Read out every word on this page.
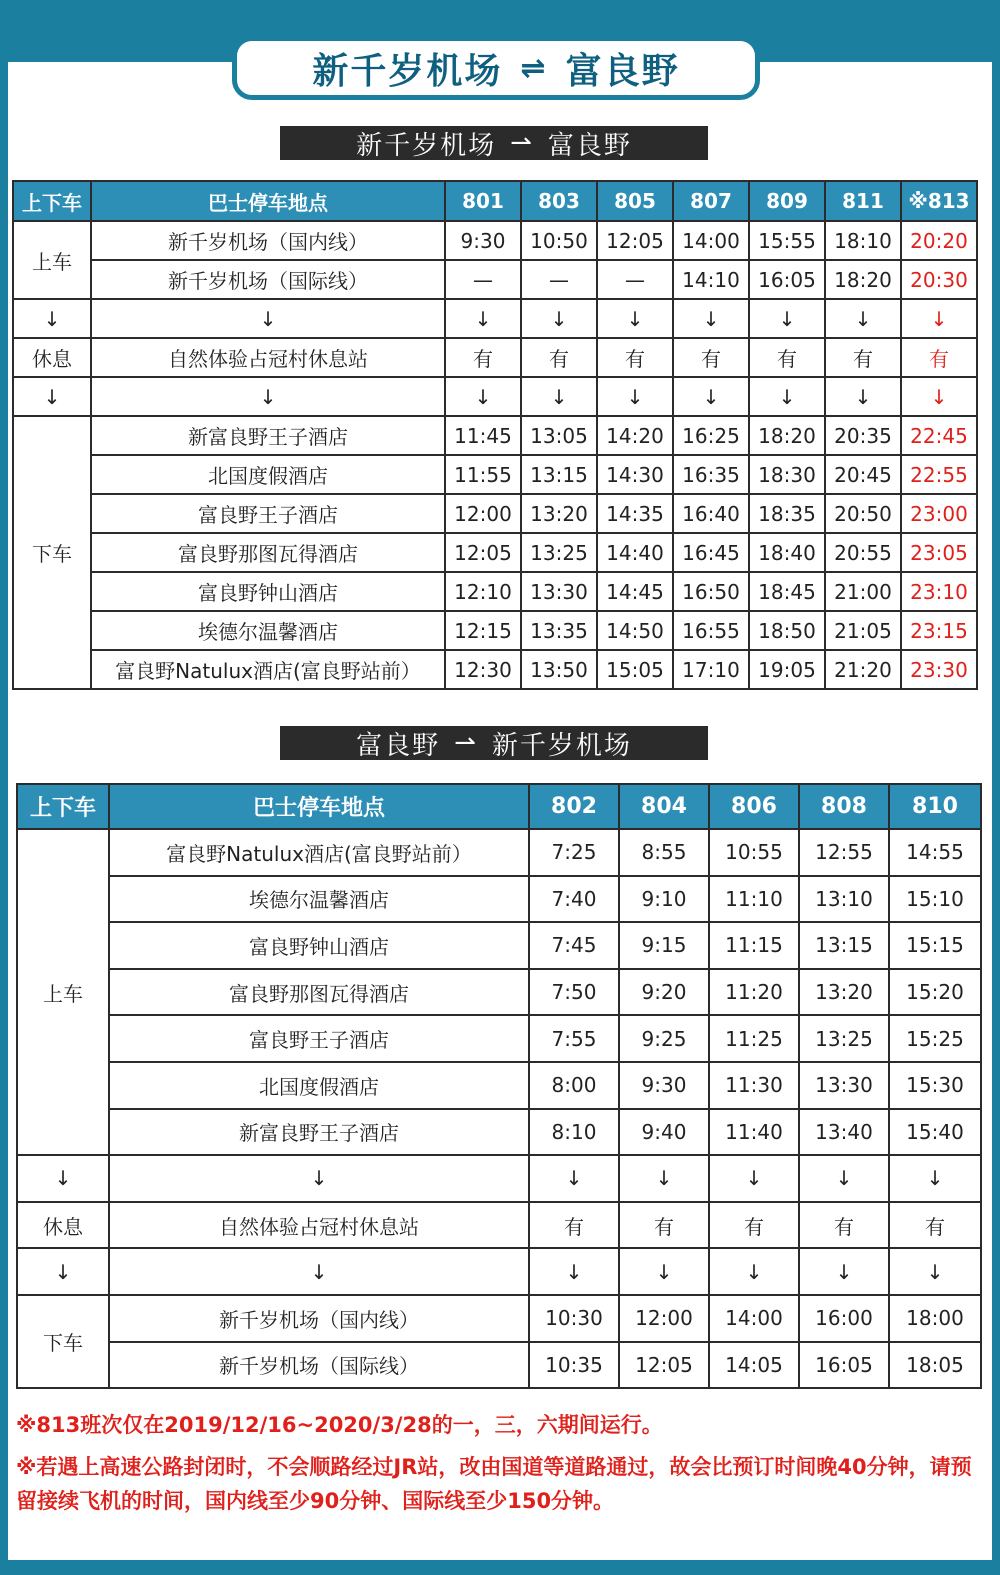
新千岁机场 ⇌ 富良野
新千岁机场 ⇀ 富良野
上下车	巴士停车地点	801	803	805	807	809	811	※813
上车	新千岁机场（国内线）	9:30	10:50	12:05	14:00	15:55	18:10	20:20
	新千岁机场（国际线）	—	—	—	14:10	16:05	18:20	20:30
↓	↓	↓	↓	↓	↓	↓	↓	↓
休息	自然体验占冠村休息站	有	有	有	有	有	有	有
↓	↓	↓	↓	↓	↓	↓	↓	↓
下车	新富良野王子酒店	11:45	13:05	14:20	16:25	18:20	20:35	22:45
	北国度假酒店	11:55	13:15	14:30	16:35	18:30	20:45	22:55
	富良野王子酒店	12:00	13:20	14:35	16:40	18:35	20:50	23:00
	富良野那图瓦得酒店	12:05	13:25	14:40	16:45	18:40	20:55	23:05
	富良野钟山酒店	12:10	13:30	14:45	16:50	18:45	21:00	23:10
	埃德尔温馨酒店	12:15	13:35	14:50	16:55	18:50	21:05	23:15
	富良野Natulux酒店(富良野站前）	12:30	13:50	15:05	17:10	19:05	21:20	23:30
富良野 ⇀ 新千岁机场
上下车	巴士停车地点	802	804	806	808	810
上车	富良野Natulux酒店(富良野站前）	7:25	8:55	10:55	12:55	14:55
	埃德尔温馨酒店	7:40	9:10	11:10	13:10	15:10
	富良野钟山酒店	7:45	9:15	11:15	13:15	15:15
	富良野那图瓦得酒店	7:50	9:20	11:20	13:20	15:20
	富良野王子酒店	7:55	9:25	11:25	13:25	15:25
	北国度假酒店	8:00	9:30	11:30	13:30	15:30
	新富良野王子酒店	8:10	9:40	11:40	13:40	15:40
↓	↓	↓	↓	↓	↓	↓
休息	自然体验占冠村休息站	有	有	有	有	有
↓	↓	↓	↓	↓	↓	↓
下车	新千岁机场（国内线）	10:30	12:00	14:00	16:00	18:00
	新千岁机场（国际线）	10:35	12:05	14:05	16:05	18:05
※813班次仅在2019/12/16~2020/3/28的一，三，六期间运行。
※若遇上高速公路封闭时，不会顺路经过JR站，改由国道等道路通过，故会比预订时间晚40分钟，请预留接续飞机的时间，国内线至少90分钟、国际线至少150分钟。
